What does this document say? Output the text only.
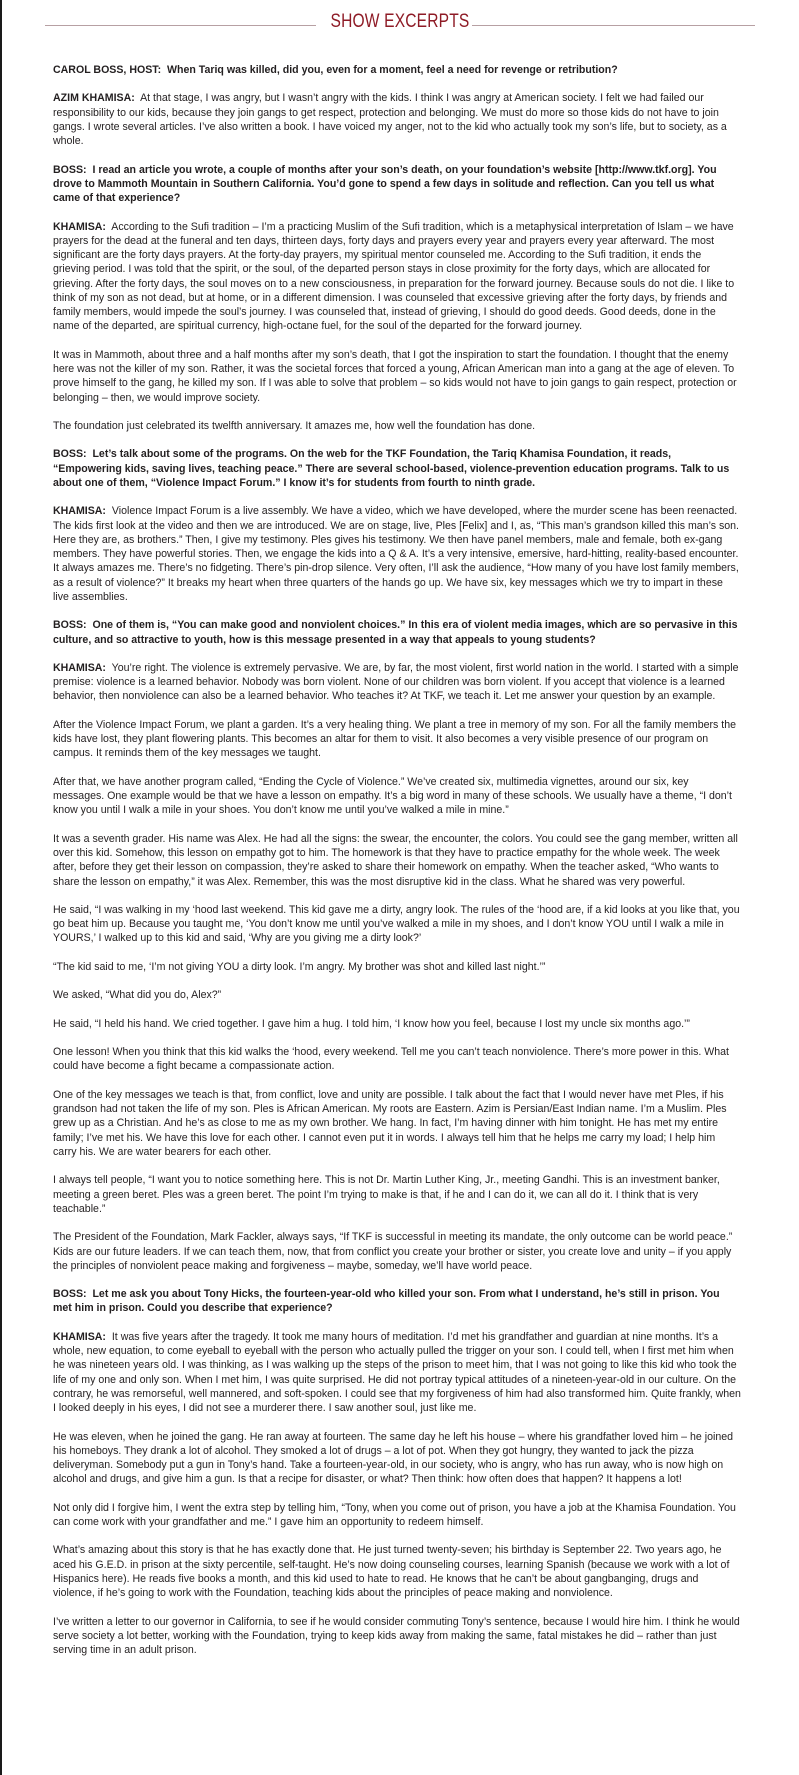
SHOW EXCERPTS

CAROL BOSS, HOST: When Tariq was killed, did you, even for a moment, feel a need for revenge or retribution?

AZIM KHAMISA: At that stage, I was angry, but I wasn’t angry with the kids. I think I was angry at American society. I felt we had failed our responsibility to our kids, because they join gangs to get respect, protection and belonging. We must do more so those kids do not have to join gangs. I wrote several articles. I’ve also written a book. I have voiced my anger, not to the kid who actually took my son’s life, but to society, as a whole.

BOSS: I read an article you wrote, a couple of months after your son’s death, on your foundation’s website [http://www.tkf.org]. You drove to Mammoth Mountain in Southern California. You’d gone to spend a few days in solitude and reflection. Can you tell us what came of that experience?

KHAMISA: According to the Sufi tradition – I’m a practicing Muslim of the Sufi tradition, which is a metaphysical interpretation of Islam – we have prayers for the dead at the funeral and ten days, thirteen days, forty days and prayers every year and prayers every year afterward. The most significant are the forty days prayers. At the forty-day prayers, my spiritual mentor counseled me. According to the Sufi tradition, it ends the grieving period. I was told that the spirit, or the soul, of the departed person stays in close proximity for the forty days, which are allocated for grieving. After the forty days, the soul moves on to a new consciousness, in preparation for the forward journey. Because souls do not die. I like to think of my son as not dead, but at home, or in a different dimension. I was counseled that excessive grieving after the forty days, by friends and family members, would impede the soul’s journey. I was counseled that, instead of grieving, I should do good deeds. Good deeds, done in the name of the departed, are spiritual currency, high-octane fuel, for the soul of the departed for the forward journey.

It was in Mammoth, about three and a half months after my son’s death, that I got the inspiration to start the foundation. I thought that the enemy here was not the killer of my son. Rather, it was the societal forces that forced a young, African American man into a gang at the age of eleven. To prove himself to the gang, he killed my son. If I was able to solve that problem – so kids would not have to join gangs to gain respect, protection or belonging – then, we would improve society.

The foundation just celebrated its twelfth anniversary. It amazes me, how well the foundation has done.

BOSS: Let’s talk about some of the programs. On the web for the TKF Foundation, the Tariq Khamisa Foundation, it reads, “Empowering kids, saving lives, teaching peace.” There are several school-based, violence-prevention education programs. Talk to us about one of them, “Violence Impact Forum.” I know it’s for students from fourth to ninth grade.

KHAMISA: Violence Impact Forum is a live assembly. We have a video, which we have developed, where the murder scene has been reenacted. The kids first look at the video and then we are introduced. We are on stage, live, Ples [Felix] and I, as, “This man’s grandson killed this man’s son. Here they are, as brothers.” Then, I give my testimony. Ples gives his testimony. We then have panel members, male and female, both ex-gang members. They have powerful stories. Then, we engage the kids into a Q & A. It’s a very intensive, emersive, hard-hitting, reality-based encounter. It always amazes me. There’s no fidgeting. There’s pin-drop silence. Very often, I’ll ask the audience, “How many of you have lost family members, as a result of violence?” It breaks my heart when three quarters of the hands go up. We have six, key messages which we try to impart in these live assemblies.

BOSS: One of them is, “You can make good and nonviolent choices.” In this era of violent media images, which are so pervasive in this culture, and so attractive to youth, how is this message presented in a way that appeals to young students?

KHAMISA: You’re right. The violence is extremely pervasive. We are, by far, the most violent, first world nation in the world. I started with a simple premise: violence is a learned behavior. Nobody was born violent. None of our children was born violent. If you accept that violence is a learned behavior, then nonviolence can also be a learned behavior. Who teaches it? At TKF, we teach it. Let me answer your question by an example.

After the Violence Impact Forum, we plant a garden. It’s a very healing thing. We plant a tree in memory of my son. For all the family members the kids have lost, they plant flowering plants. This becomes an altar for them to visit. It also becomes a very visible presence of our program on campus. It reminds them of the key messages we taught.

After that, we have another program called, “Ending the Cycle of Violence.” We’ve created six, multimedia vignettes, around our six, key messages. One example would be that we have a lesson on empathy. It’s a big word in many of these schools. We usually have a theme, “I don’t know you until I walk a mile in your shoes. You don’t know me until you’ve walked a mile in mine.”

It was a seventh grader. His name was Alex. He had all the signs: the swear, the encounter, the colors. You could see the gang member, written all over this kid. Somehow, this lesson on empathy got to him. The homework is that they have to practice empathy for the whole week. The week after, before they get their lesson on compassion, they’re asked to share their homework on empathy. When the teacher asked, “Who wants to share the lesson on empathy,” it was Alex. Remember, this was the most disruptive kid in the class. What he shared was very powerful.

He said, “I was walking in my ‘hood last weekend. This kid gave me a dirty, angry look. The rules of the ‘hood are, if a kid looks at you like that, you go beat him up. Because you taught me, ‘You don’t know me until you’ve walked a mile in my shoes, and I don’t know YOU until I walk a mile in YOURS,’ I walked up to this kid and said, ‘Why are you giving me a dirty look?’

“The kid said to me, ‘I’m not giving YOU a dirty look. I’m angry. My brother was shot and killed last night.’”

We asked, “What did you do, Alex?”

He said, “I held his hand. We cried together. I gave him a hug. I told him, ‘I know how you feel, because I lost my uncle six months ago.’”

One lesson! When you think that this kid walks the ‘hood, every weekend. Tell me you can’t teach nonviolence. There’s more power in this. What could have become a fight became a compassionate action.

One of the key messages we teach is that, from conflict, love and unity are possible. I talk about the fact that I would never have met Ples, if his grandson had not taken the life of my son. Ples is African American. My roots are Eastern. Azim is Persian/East Indian name. I’m a Muslim. Ples grew up as a Christian. And he’s as close to me as my own brother. We hang. In fact, I’m having dinner with him tonight. He has met my entire family; I’ve met his. We have this love for each other. I cannot even put it in words. I always tell him that he helps me carry my load; I help him carry his. We are water bearers for each other.

I always tell people, “I want you to notice something here. This is not Dr. Martin Luther King, Jr., meeting Gandhi. This is an investment banker, meeting a green beret. Ples was a green beret. The point I’m trying to make is that, if he and I can do it, we can all do it. I think that is very teachable.”

The President of the Foundation, Mark Fackler, always says, “If TKF is successful in meeting its mandate, the only outcome can be world peace.” Kids are our future leaders. If we can teach them, now, that from conflict you create your brother or sister, you create love and unity – if you apply the principles of nonviolent peace making and forgiveness – maybe, someday, we’ll have world peace.

BOSS: Let me ask you about Tony Hicks, the fourteen-year-old who killed your son. From what I understand, he’s still in prison. You met him in prison. Could you describe that experience?

KHAMISA: It was five years after the tragedy. It took me many hours of meditation. I’d met his grandfather and guardian at nine months. It’s a whole, new equation, to come eyeball to eyeball with the person who actually pulled the trigger on your son. I could tell, when I first met him when he was nineteen years old. I was thinking, as I was walking up the steps of the prison to meet him, that I was not going to like this kid who took the life of my one and only son. When I met him, I was quite surprised. He did not portray typical attitudes of a nineteen-year-old in our culture. On the contrary, he was remorseful, well mannered, and soft-spoken. I could see that my forgiveness of him had also transformed him. Quite frankly, when I looked deeply in his eyes, I did not see a murderer there. I saw another soul, just like me.

He was eleven, when he joined the gang. He ran away at fourteen. The same day he left his house – where his grandfather loved him – he joined his homeboys. They drank a lot of alcohol. They smoked a lot of drugs – a lot of pot. When they got hungry, they wanted to jack the pizza deliveryman. Somebody put a gun in Tony’s hand. Take a fourteen-year-old, in our society, who is angry, who has run away, who is now high on alcohol and drugs, and give him a gun. Is that a recipe for disaster, or what? Then think: how often does that happen? It happens a lot!

Not only did I forgive him, I went the extra step by telling him, “Tony, when you come out of prison, you have a job at the Khamisa Foundation. You can come work with your grandfather and me.” I gave him an opportunity to redeem himself.

What’s amazing about this story is that he has exactly done that. He just turned twenty-seven; his birthday is September 22. Two years ago, he aced his G.E.D. in prison at the sixty percentile, self-taught. He’s now doing counseling courses, learning Spanish (because we work with a lot of Hispanics here). He reads five books a month, and this kid used to hate to read. He knows that he can’t be about gangbanging, drugs and violence, if he’s going to work with the Foundation, teaching kids about the principles of peace making and nonviolence.

I’ve written a letter to our governor in California, to see if he would consider commuting Tony’s sentence, because I would hire him. I think he would serve society a lot better, working with the Foundation, trying to keep kids away from making the same, fatal mistakes he did – rather than just serving time in an adult prison.
